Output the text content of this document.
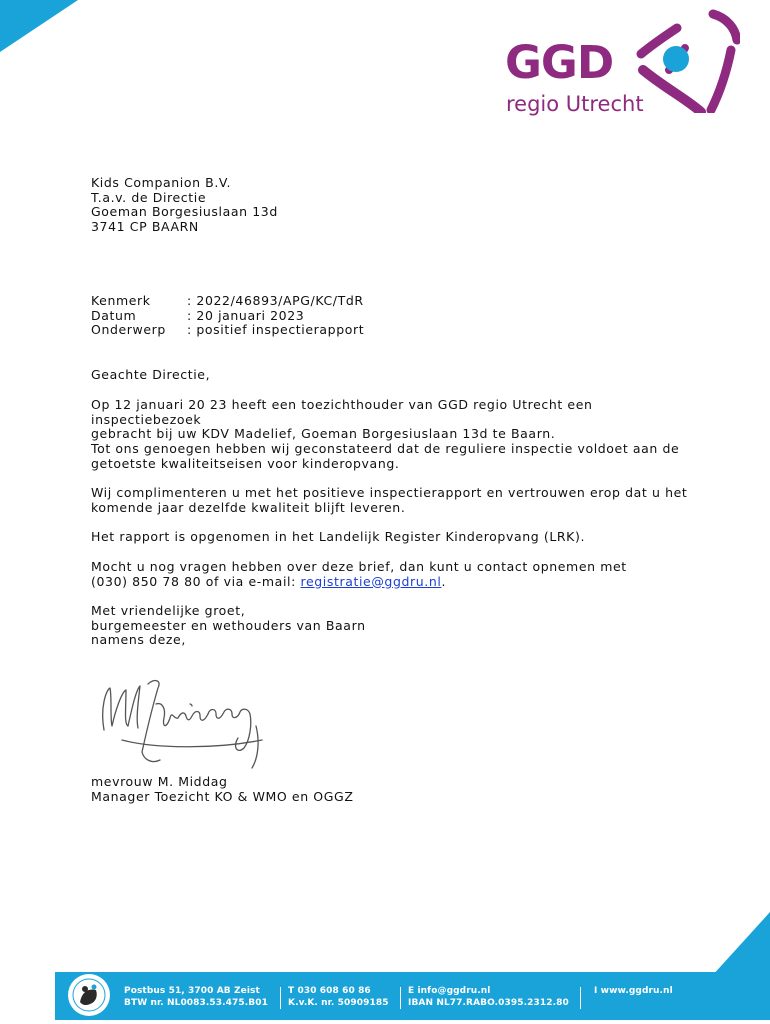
GGD
regio Utrecht

Kids Companion B.V.

T.a.v. de Directie

Goeman Borgesiuslaan 13d

3741 CP BAARN

Kenmerk	: 2022/46893/APG/KC/TdR
Datum	: 20 januari 2023
Onderwerp	: positief inspectierapport

Geachte Directie,

Op 12 januari 20 23 heeft een toezichthouder van GGD regio Utrecht een inspectiebezoek

gebracht bij uw KDV Madelief, Goeman Borgesiuslaan 13d te Baarn.

Tot ons genoegen hebben wij geconstateerd dat de reguliere inspectie voldoet aan de

getoetste kwaliteitseisen voor kinderopvang.

Wij complimenteren u met het positieve inspectierapport en vertrouwen erop dat u het

komende jaar dezelfde kwaliteit blijft leveren.

Het rapport is opgenomen in het Landelijk Register Kinderopvang (LRK).

Mocht u nog vragen hebben over deze brief, dan kunt u contact opnemen met

(030) 850 78 80 of via e-mail: registratie@ggdru.nl.

Met vriendelijke groet,

burgemeester en wethouders van Baarn

namens deze,

mevrouw M. Middag

Manager Toezicht KO & WMO en OGGZ

Postbus 51, 3700 AB Zeist
BTW nr. NL0083.53.475.B01
T 030 608 60 86
K.v.K. nr. 50909185
E info@ggdru.nl
IBAN NL77.RABO.0395.2312.80
I www.ggdru.nl
